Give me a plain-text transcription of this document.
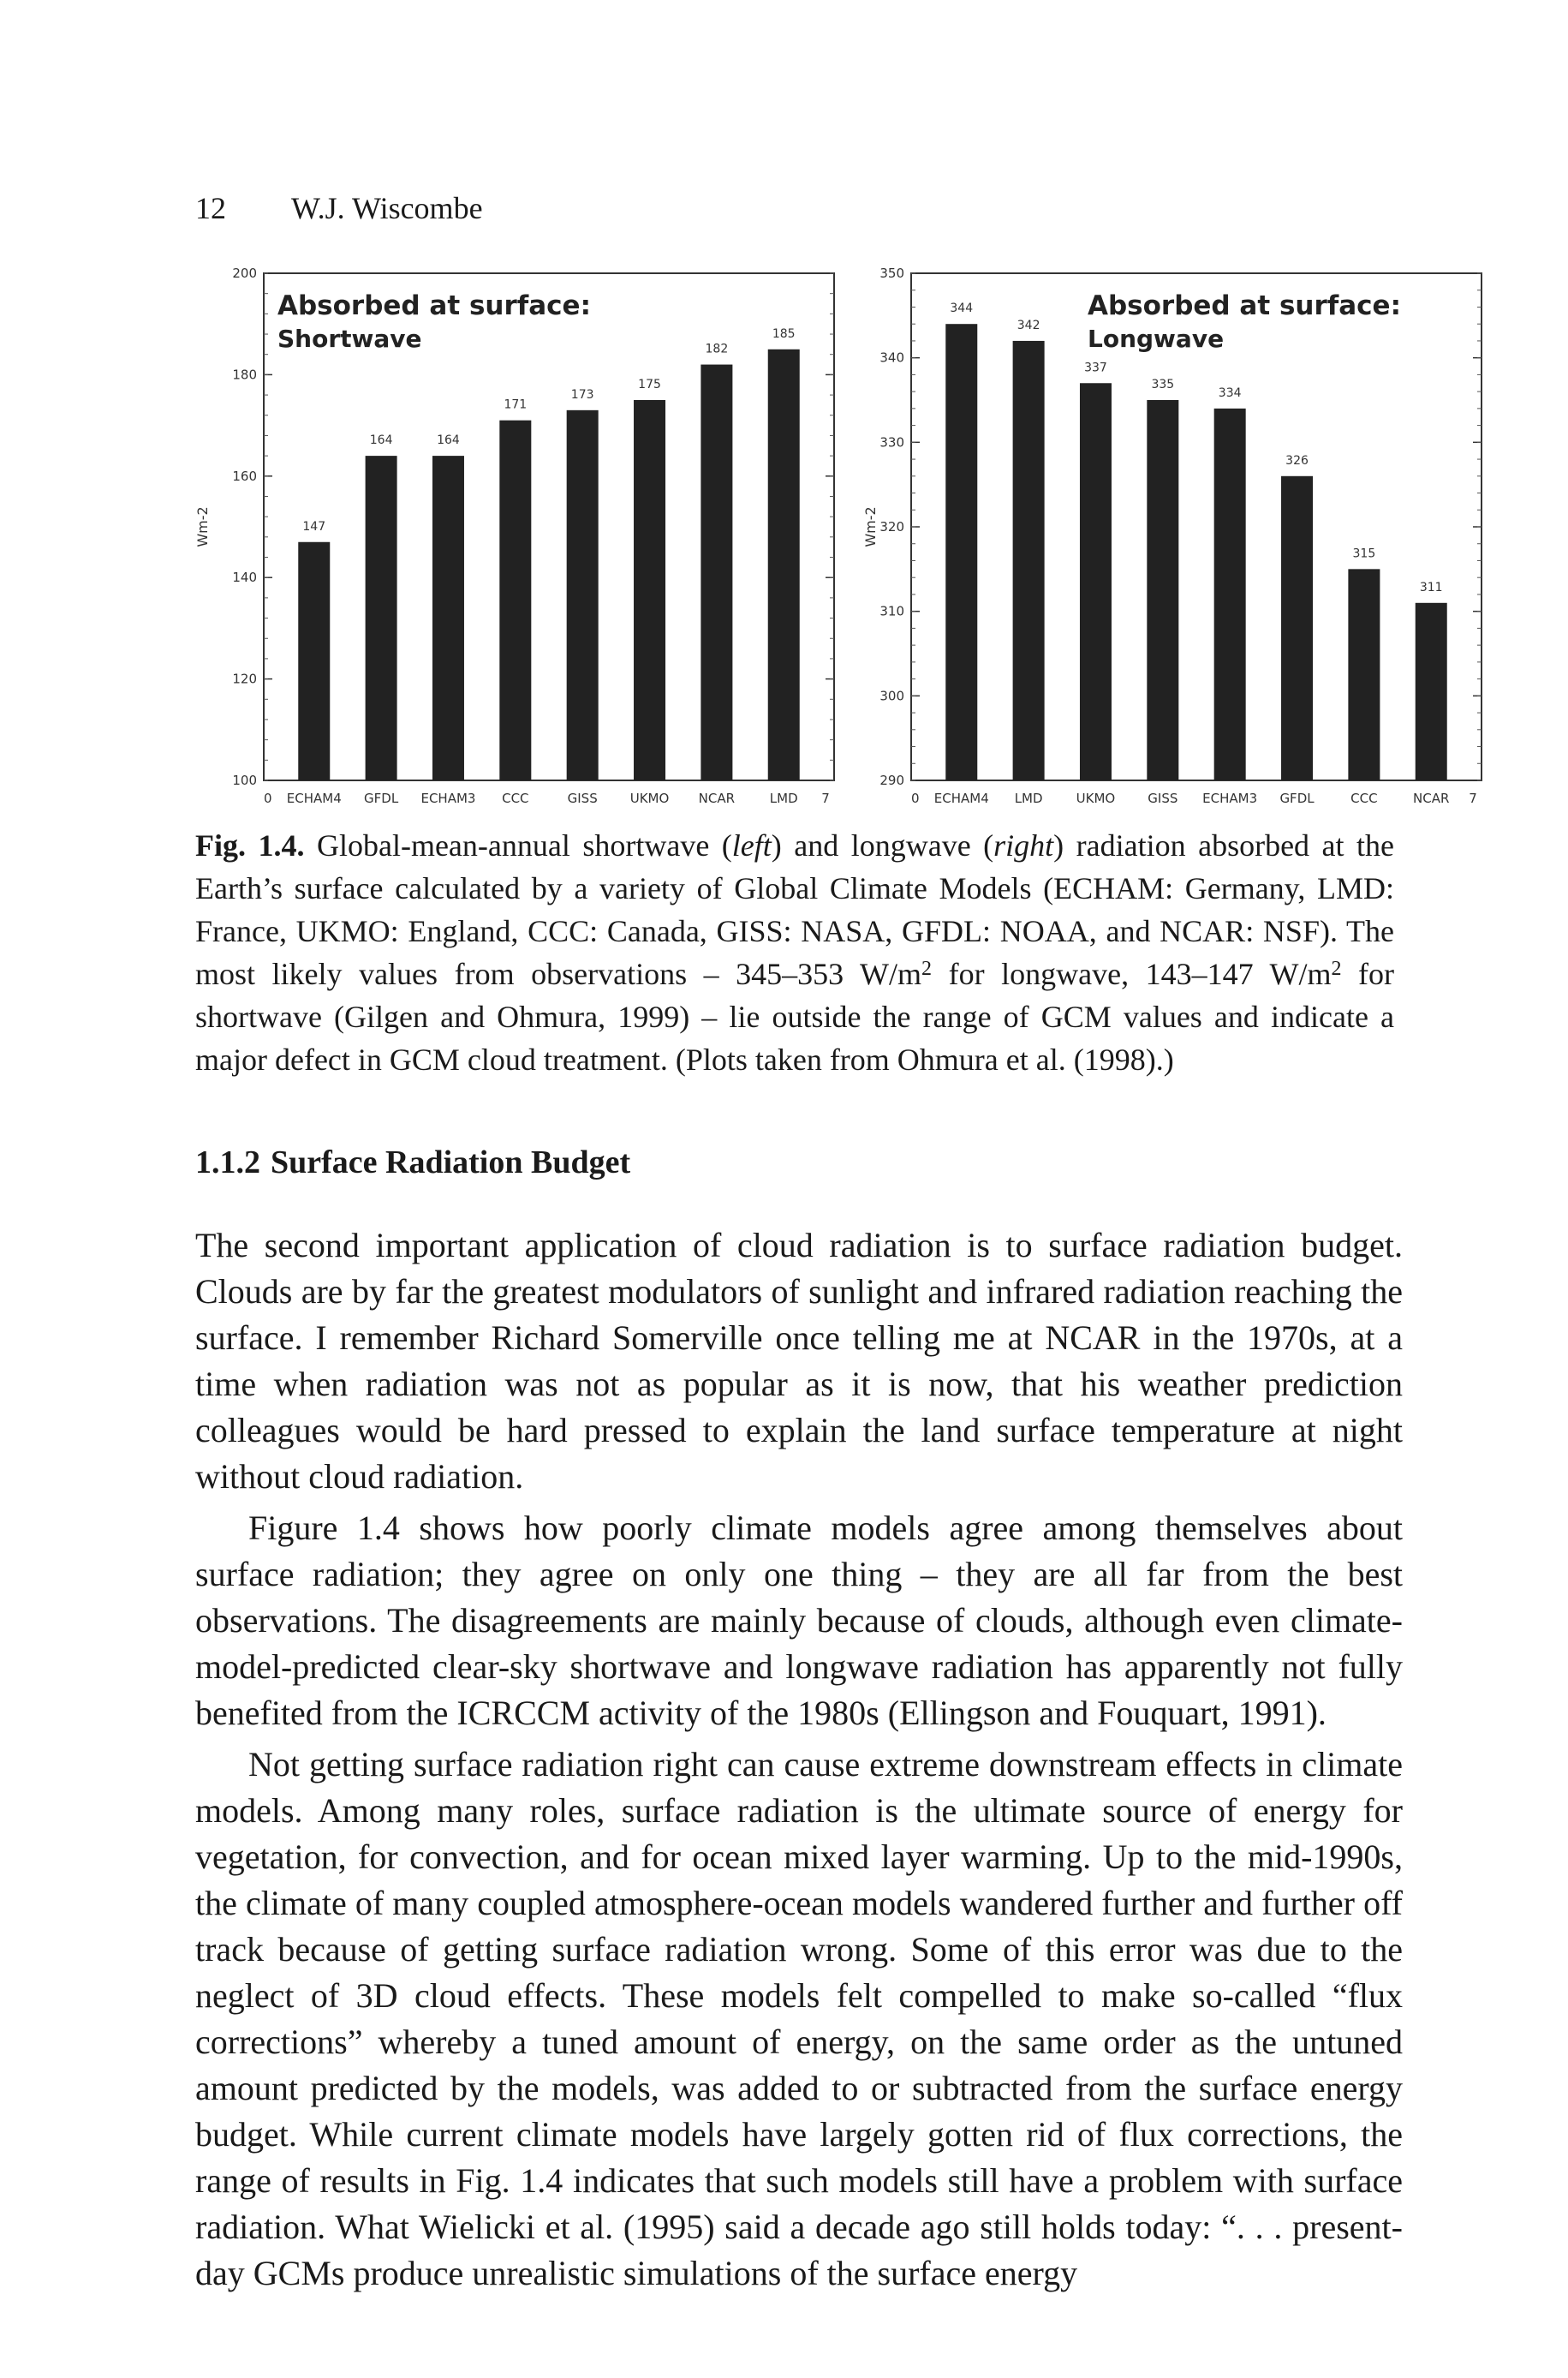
12 W.J. Wiscombe
100
120
140
160
180
200
Wm-2	147
164	164
171
173
175
182
185
0 ECHAM4 GFDL ECHAM3 CCC	GISS	UKMO NCAR	LMD 7
Absorbed at surface:
Shortwave
290
300
310
320
330
340
350
Wm-2
344
342
337
335
334
326
315
311
0 ECHAM4 LMD	UKMO	GISS ECHAM3 GFDL	CCC	NCAR 7
Absorbed at surface:
Longwave
Fig. 1.4. Global-mean-annual shortwave (left) and longwave (right) radiation absorbed at the Earth’s surface calculated by a variety of Global Climate Models (ECHAM: Germany, LMD: France, UKMO: England, CCC: Canada, GISS: NASA, GFDL: NOAA, and NCAR: NSF). The most likely values from observations – 345–353 $W/m^2$ for longwave, 143–147 $W/m^2$ for shortwave (Gilgen and Ohmura, 1999) – lie outside the range of GCM values and indicate a major defect in GCM cloud treatment. (Plots taken from Ohmura et al. (1998).)
1.1.2 Surface Radiation Budget

The second important application of cloud radiation is to surface radiation budget. Clouds are by far the greatest modulators of sunlight and infrared radiation reaching the surface. I remember Richard Somerville once telling me at NCAR in the 1970s, at a time when radiation was not as popular as it is now, that his weather prediction colleagues would be hard pressed to explain the land surface temperature at night without cloud radiation.

Figure 1.4 shows how poorly climate models agree among themselves about surface radiation; they agree on only one thing – they are all far from the best observations. The disagreements are mainly because of clouds, although even climate-model-predicted clear-sky shortwave and longwave radiation has apparently not fully benefited from the ICRCCM activity of the 1980s (Ellingson and Fouquart, 1991).

Not getting surface radiation right can cause extreme downstream effects in climate models. Among many roles, surface radiation is the ultimate source of energy for vegetation, for convection, and for ocean mixed layer warming. Up to the mid-1990s, the climate of many coupled atmosphere-ocean models wandered further and further off track because of getting surface radiation wrong. Some of this error was due to the neglect of 3D cloud effects. These models felt compelled to make so-called “flux corrections” whereby a tuned amount of energy, on the same order as the untuned amount predicted by the models, was added to or subtracted from the surface energy budget. While current climate models have largely gotten rid of flux corrections, the range of results in Fig. 1.4 indicates that such models still have a problem with surface radiation. What Wielicki et al. (1995) said a decade ago still holds today: “. . . present-day GCMs produce unrealistic simulations of the surface energy
